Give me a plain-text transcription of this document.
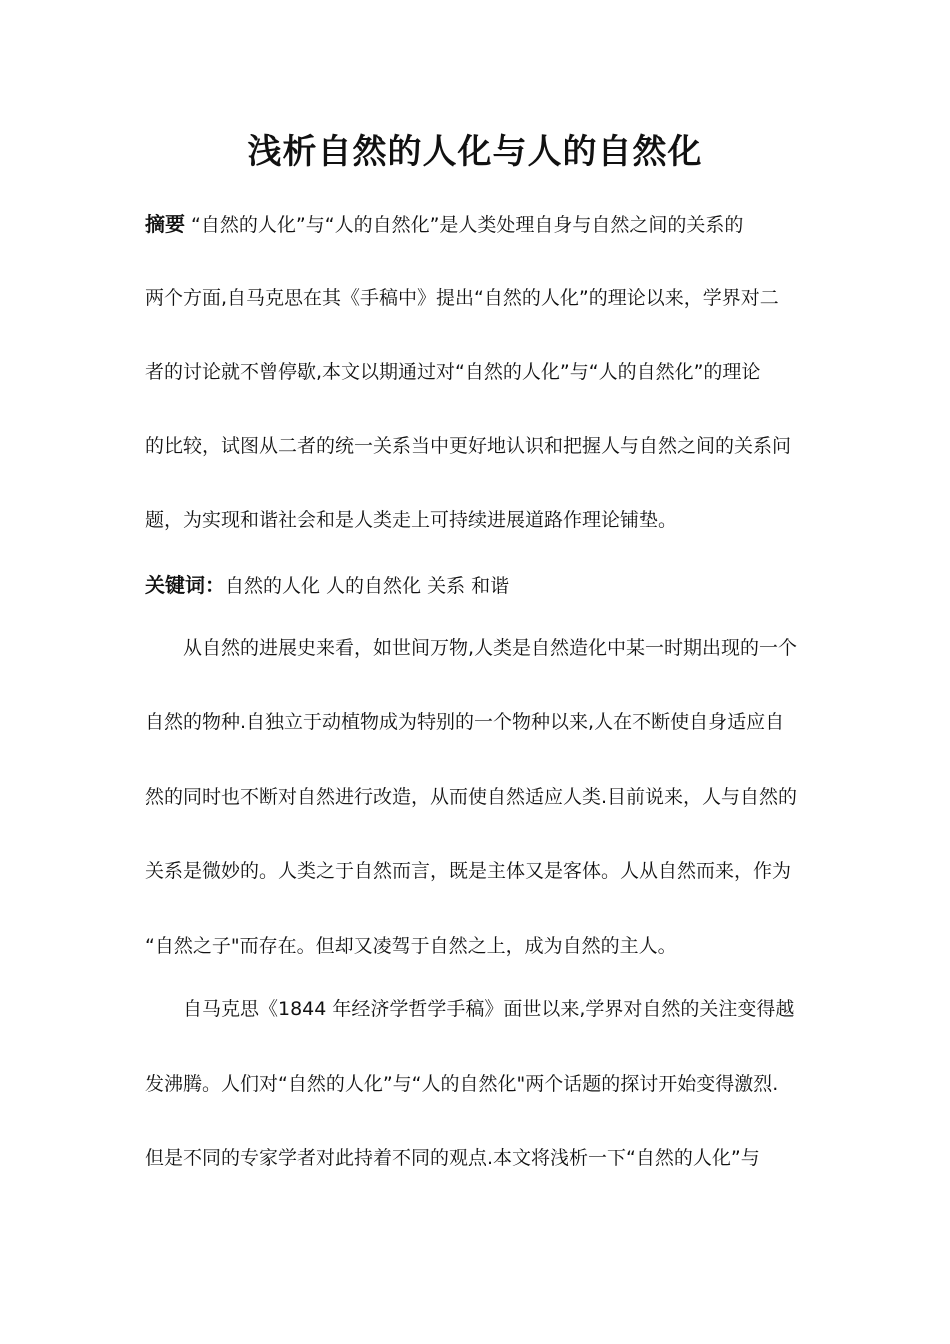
浅析自然的人化与人的自然化
摘要 “自然的人化”与“人的自然化”是人类处理自身与自然之间的关系的
两个方面,自马克思在其《手稿中》提出“自然的人化”的理论以来，学界对二
者的讨论就不曾停歇,本文以期通过对“自然的人化”与“人的自然化”的理论
的比较，试图从二者的统一关系当中更好地认识和把握人与自然之间的关系问
题，为实现和谐社会和是人类走上可持续进展道路作理论铺垫。
关键词：自然的人化 人的自然化 关系 和谐
从自然的进展史来看，如世间万物,人类是自然造化中某一时期出现的一个
自然的物种.自独立于动植物成为特别的一个物种以来,人在不断使自身适应自
然的同时也不断对自然进行改造，从而使自然适应人类.目前说来，人与自然的
关系是微妙的。人类之于自然而言，既是主体又是客体。人从自然而来，作为
“自然之子"而存在。但却又凌驾于自然之上，成为自然的主人。
自马克思《1844 年经济学哲学手稿》面世以来,学界对自然的关注变得越
发沸腾。人们对“自然的人化”与“人的自然化"两个话题的探讨开始变得激烈.
但是不同的专家学者对此持着不同的观点.本文将浅析一下“自然的人化”与
